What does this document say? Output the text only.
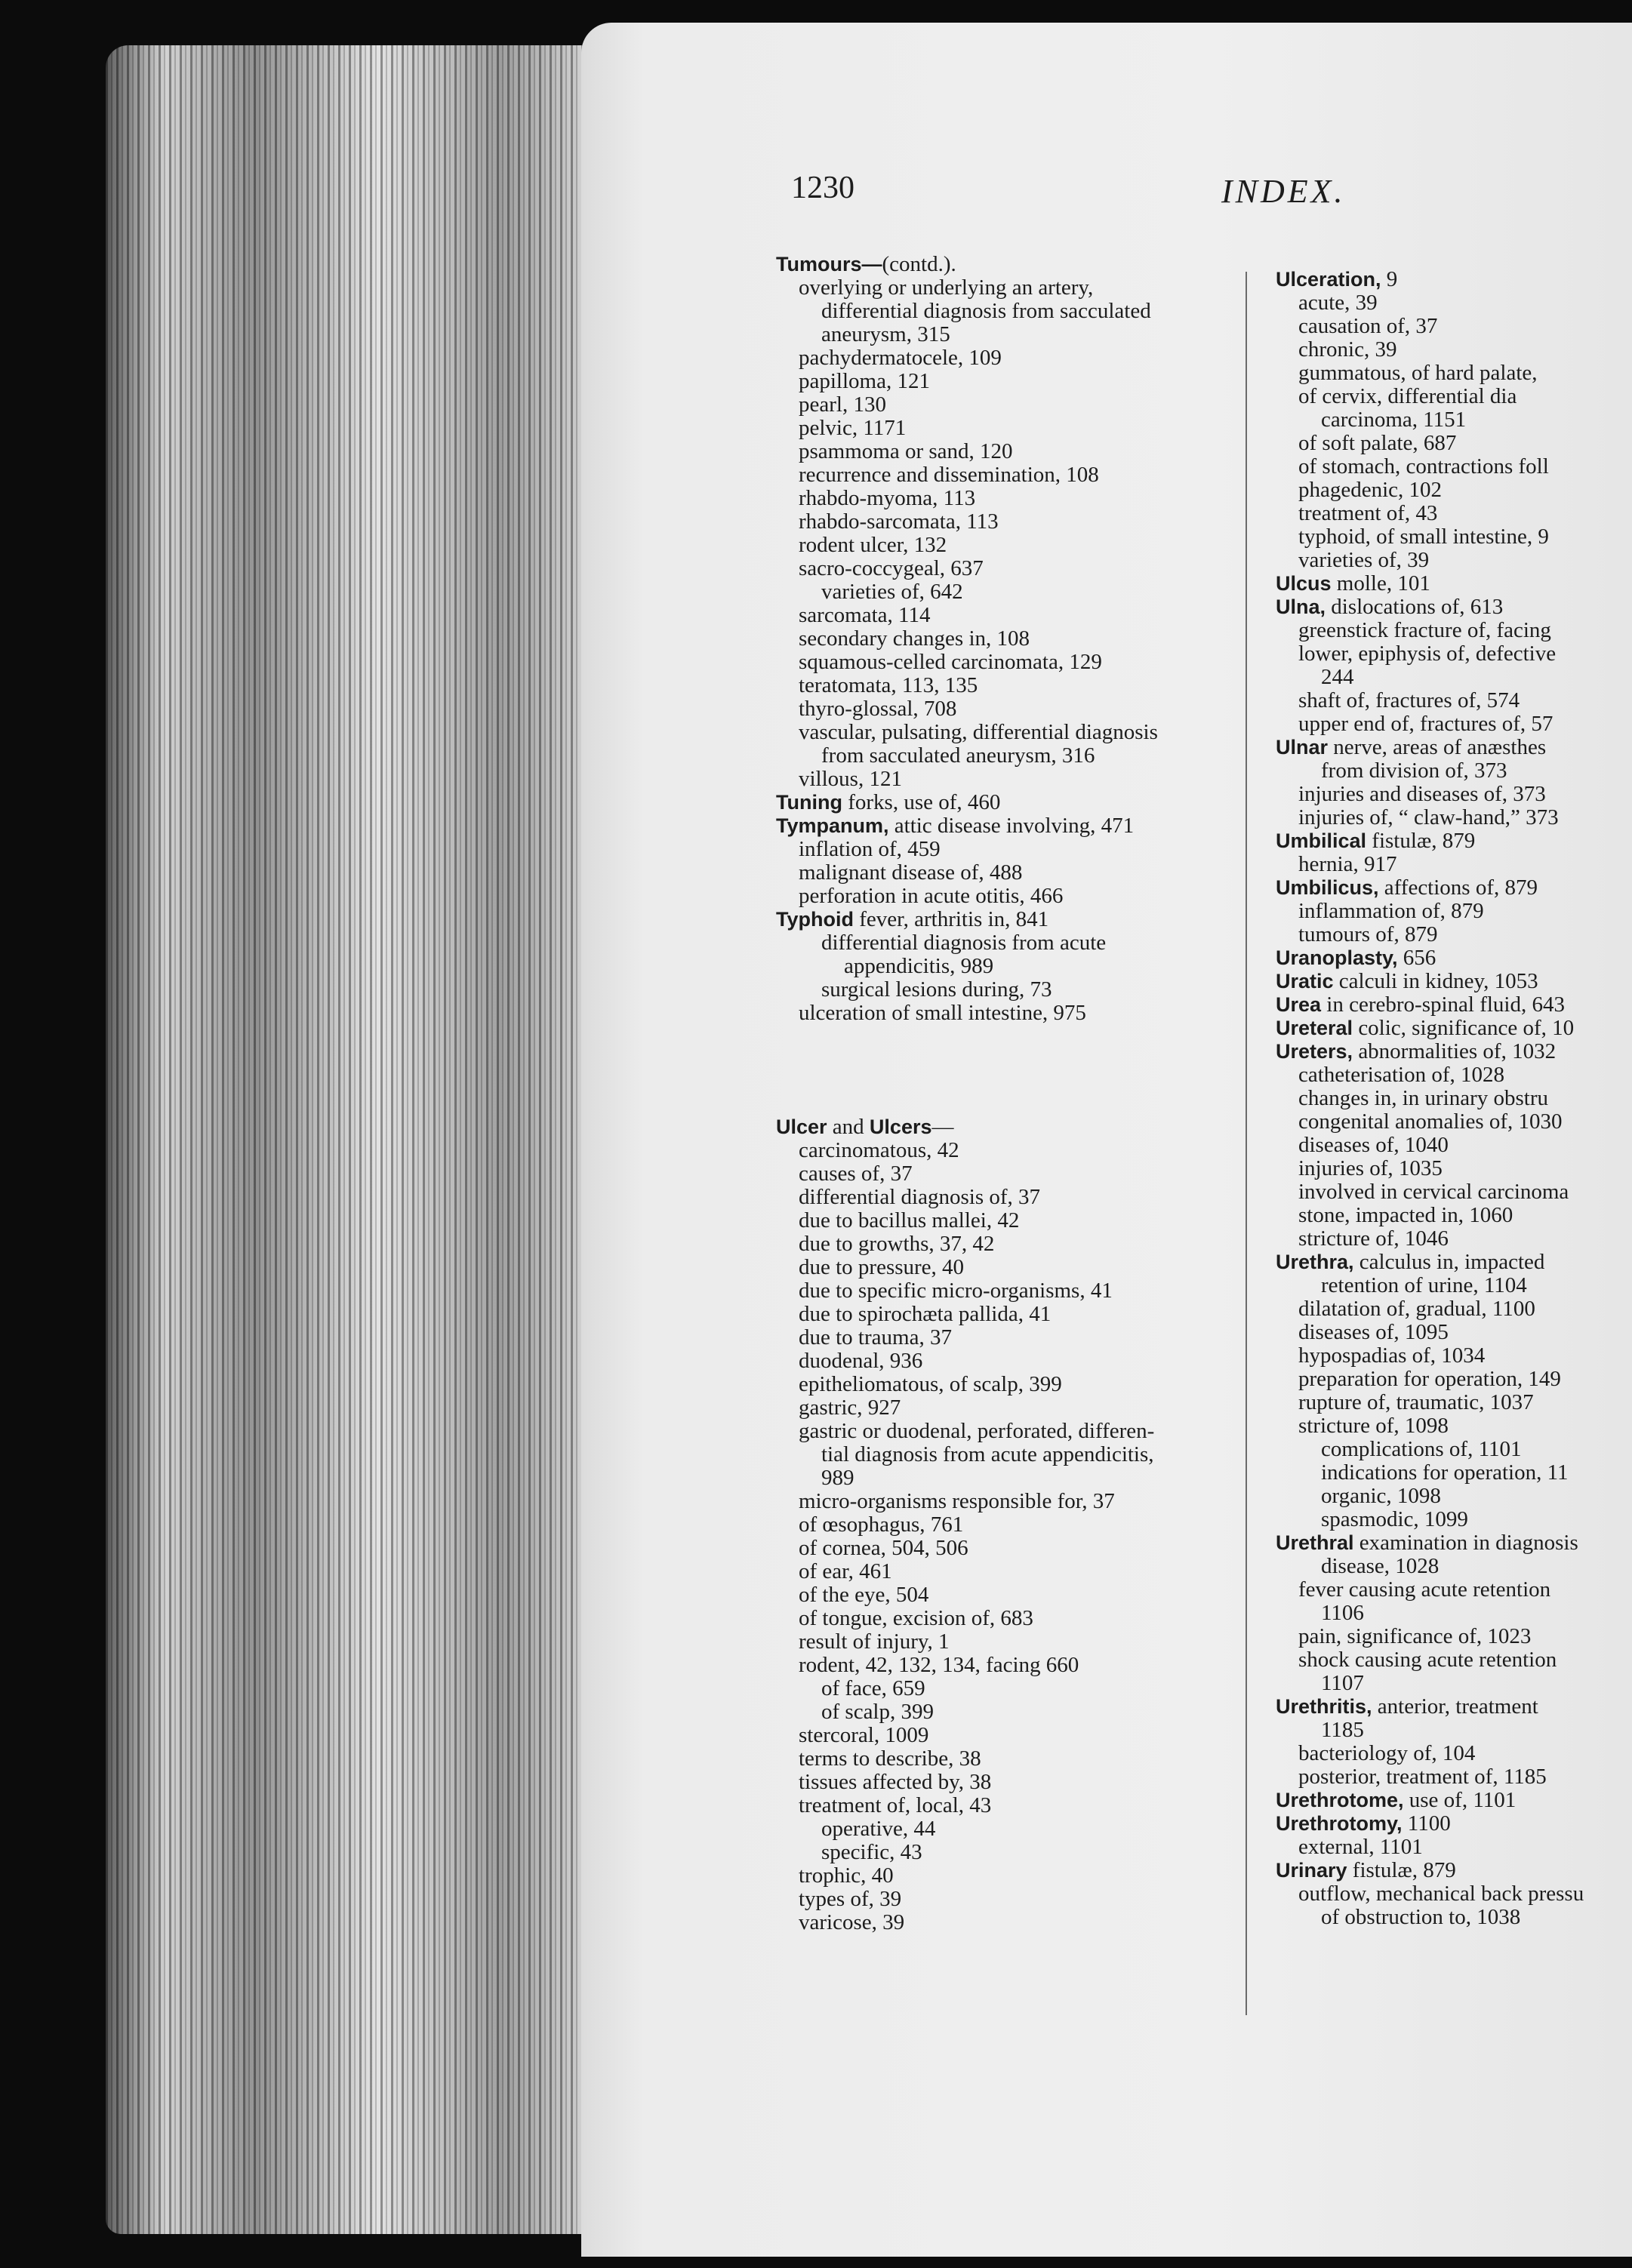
1230	INDEX.
Tumours—(contd.).
overlying or underlying an artery,
differential diagnosis from sacculated
aneurysm, 315
pachydermatocele, 109
papilloma, 121
pearl, 130
pelvic, 1171
psammoma or sand, 120
recurrence and dissemination, 108
rhabdo-myoma, 113
rhabdo-sarcomata, 113
rodent ulcer, 132
sacro-coccygeal, 637
varieties of, 642
sarcomata, 114
secondary changes in, 108
squamous-celled carcinomata, 129
teratomata, 113, 135
thyro-glossal, 708
vascular, pulsating, differential diagnosis
from sacculated aneurysm, 316
villous, 121
Tuning forks, use of, 460
Tympanum, attic disease involving, 471
inflation of, 459
malignant disease of, 488
perforation in acute otitis, 466
Typhoid fever, arthritis in, 841
differential diagnosis from acute
appendicitis, 989
surgical lesions during, 73
ulceration of small intestine, 975
Ulcer and Ulcers—
carcinomatous, 42
causes of, 37
differential diagnosis of, 37
due to bacillus mallei, 42
due to growths, 37, 42
due to pressure, 40
due to specific micro-organisms, 41
due to spirochæta pallida, 41
due to trauma, 37
duodenal, 936
epitheliomatous, of scalp, 399
gastric, 927
gastric or duodenal, perforated, differen-
tial diagnosis from acute appendicitis,
989
micro-organisms responsible for, 37
of œsophagus, 761
of cornea, 504, 506
of ear, 461
of the eye, 504
of tongue, excision of, 683
result of injury, 1
rodent, 42, 132, 134, facing 660
of face, 659
of scalp, 399
stercoral, 1009
terms to describe, 38
tissues affected by, 38
treatment of, local, 43
operative, 44
specific, 43
trophic, 40
types of, 39
varicose, 39
Ulceration, 9
acute, 39
causation of, 37
chronic, 39
gummatous, of hard palate,
of cervix, differential dia
carcinoma, 1151
of soft palate, 687
of stomach, contractions foll
phagedenic, 102
treatment of, 43
typhoid, of small intestine, 9
varieties of, 39
Ulcus molle, 101
Ulna, dislocations of, 613
greenstick fracture of, facing
lower, epiphysis of, defective
244
shaft of, fractures of, 574
upper end of, fractures of, 57
Ulnar nerve, areas of anæsthes
from division of, 373
injuries and diseases of, 373
injuries of, “ claw-hand,” 373
Umbilical fistulæ, 879
hernia, 917
Umbilicus, affections of, 879
inflammation of, 879
tumours of, 879
Uranoplasty, 656
Uratic calculi in kidney, 1053
Urea in cerebro-spinal fluid, 643
Ureteral colic, significance of, 10
Ureters, abnormalities of, 1032
catheterisation of, 1028
changes in, in urinary obstru
congenital anomalies of, 1030
diseases of, 1040
injuries of, 1035
involved in cervical carcinoma
stone, impacted in, 1060
stricture of, 1046
Urethra, calculus in, impacted
retention of urine, 1104
dilatation of, gradual, 1100
diseases of, 1095
hypospadias of, 1034
preparation for operation, 149
rupture of, traumatic, 1037
stricture of, 1098
complications of, 1101
indications for operation, 11
organic, 1098
spasmodic, 1099
Urethral examination in diagnosis
disease, 1028
fever causing acute retention
1106
pain, significance of, 1023
shock causing acute retention
1107
Urethritis, anterior, treatment
1185
bacteriology of, 104
posterior, treatment of, 1185
Urethrotome, use of, 1101
Urethrotomy, 1100
external, 1101
Urinary fistulæ, 879
outflow, mechanical back pressu
of obstruction to, 1038
